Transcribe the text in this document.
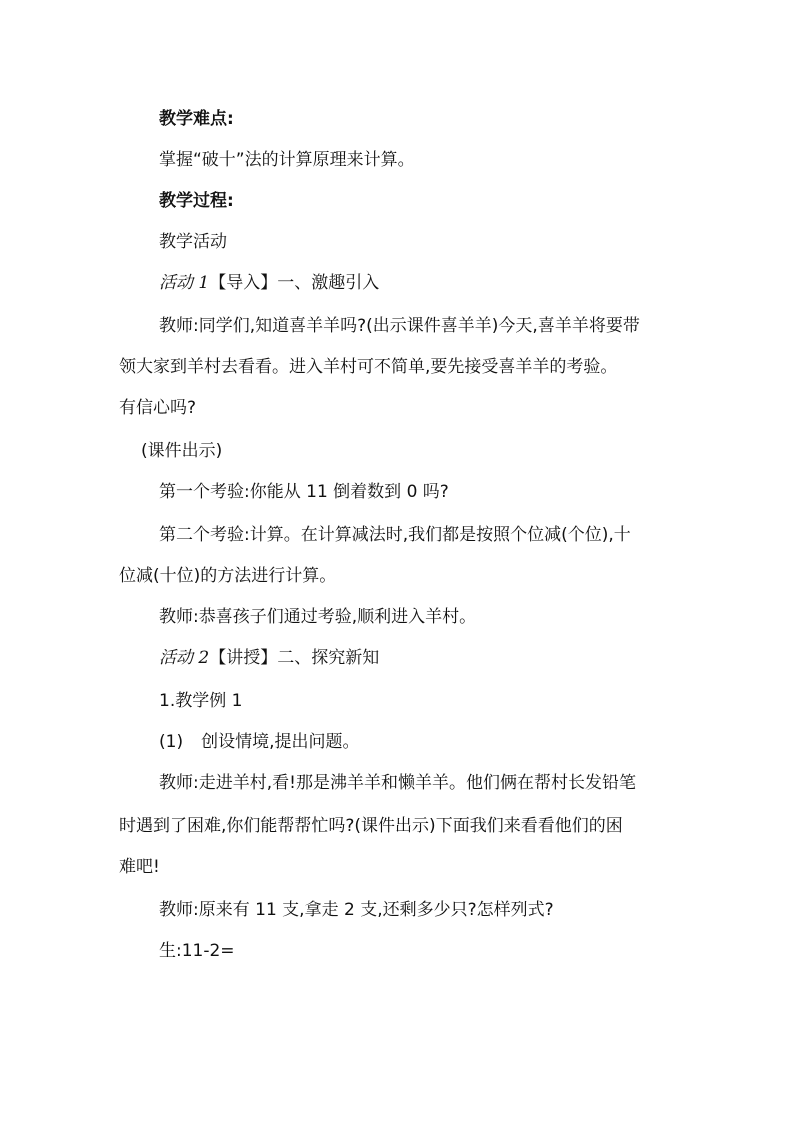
教学难点:
掌握“破十”法的计算原理来计算。
教学过程:
教学活动
活动 1【导入】一、激趣引入
教师:同学们,知道喜羊羊吗?(出示课件喜羊羊)今天,喜羊羊将要带
领大家到羊村去看看。进入羊村可不简单,要先接受喜羊羊的考验。
有信心吗?
(课件出示)
第一个考验:你能从 11 倒着数到 0 吗?
第二个考验:计算。在计算减法时,我们都是按照个位减(个位),十
位减(十位)的方法进行计算。
教师:恭喜孩子们通过考验,顺利进入羊村。
活动 2【讲授】二、探究新知
1.教学例 1
(1) 创设情境,提出问题。
教师:走进羊村,看!那是沸羊羊和懒羊羊。他们俩在帮村长发铅笔
时遇到了困难,你们能帮帮忙吗?(课件出示)下面我们来看看他们的困
难吧!
教师:原来有 11 支,拿走 2 支,还剩多少只?怎样列式?
生:11-2=
